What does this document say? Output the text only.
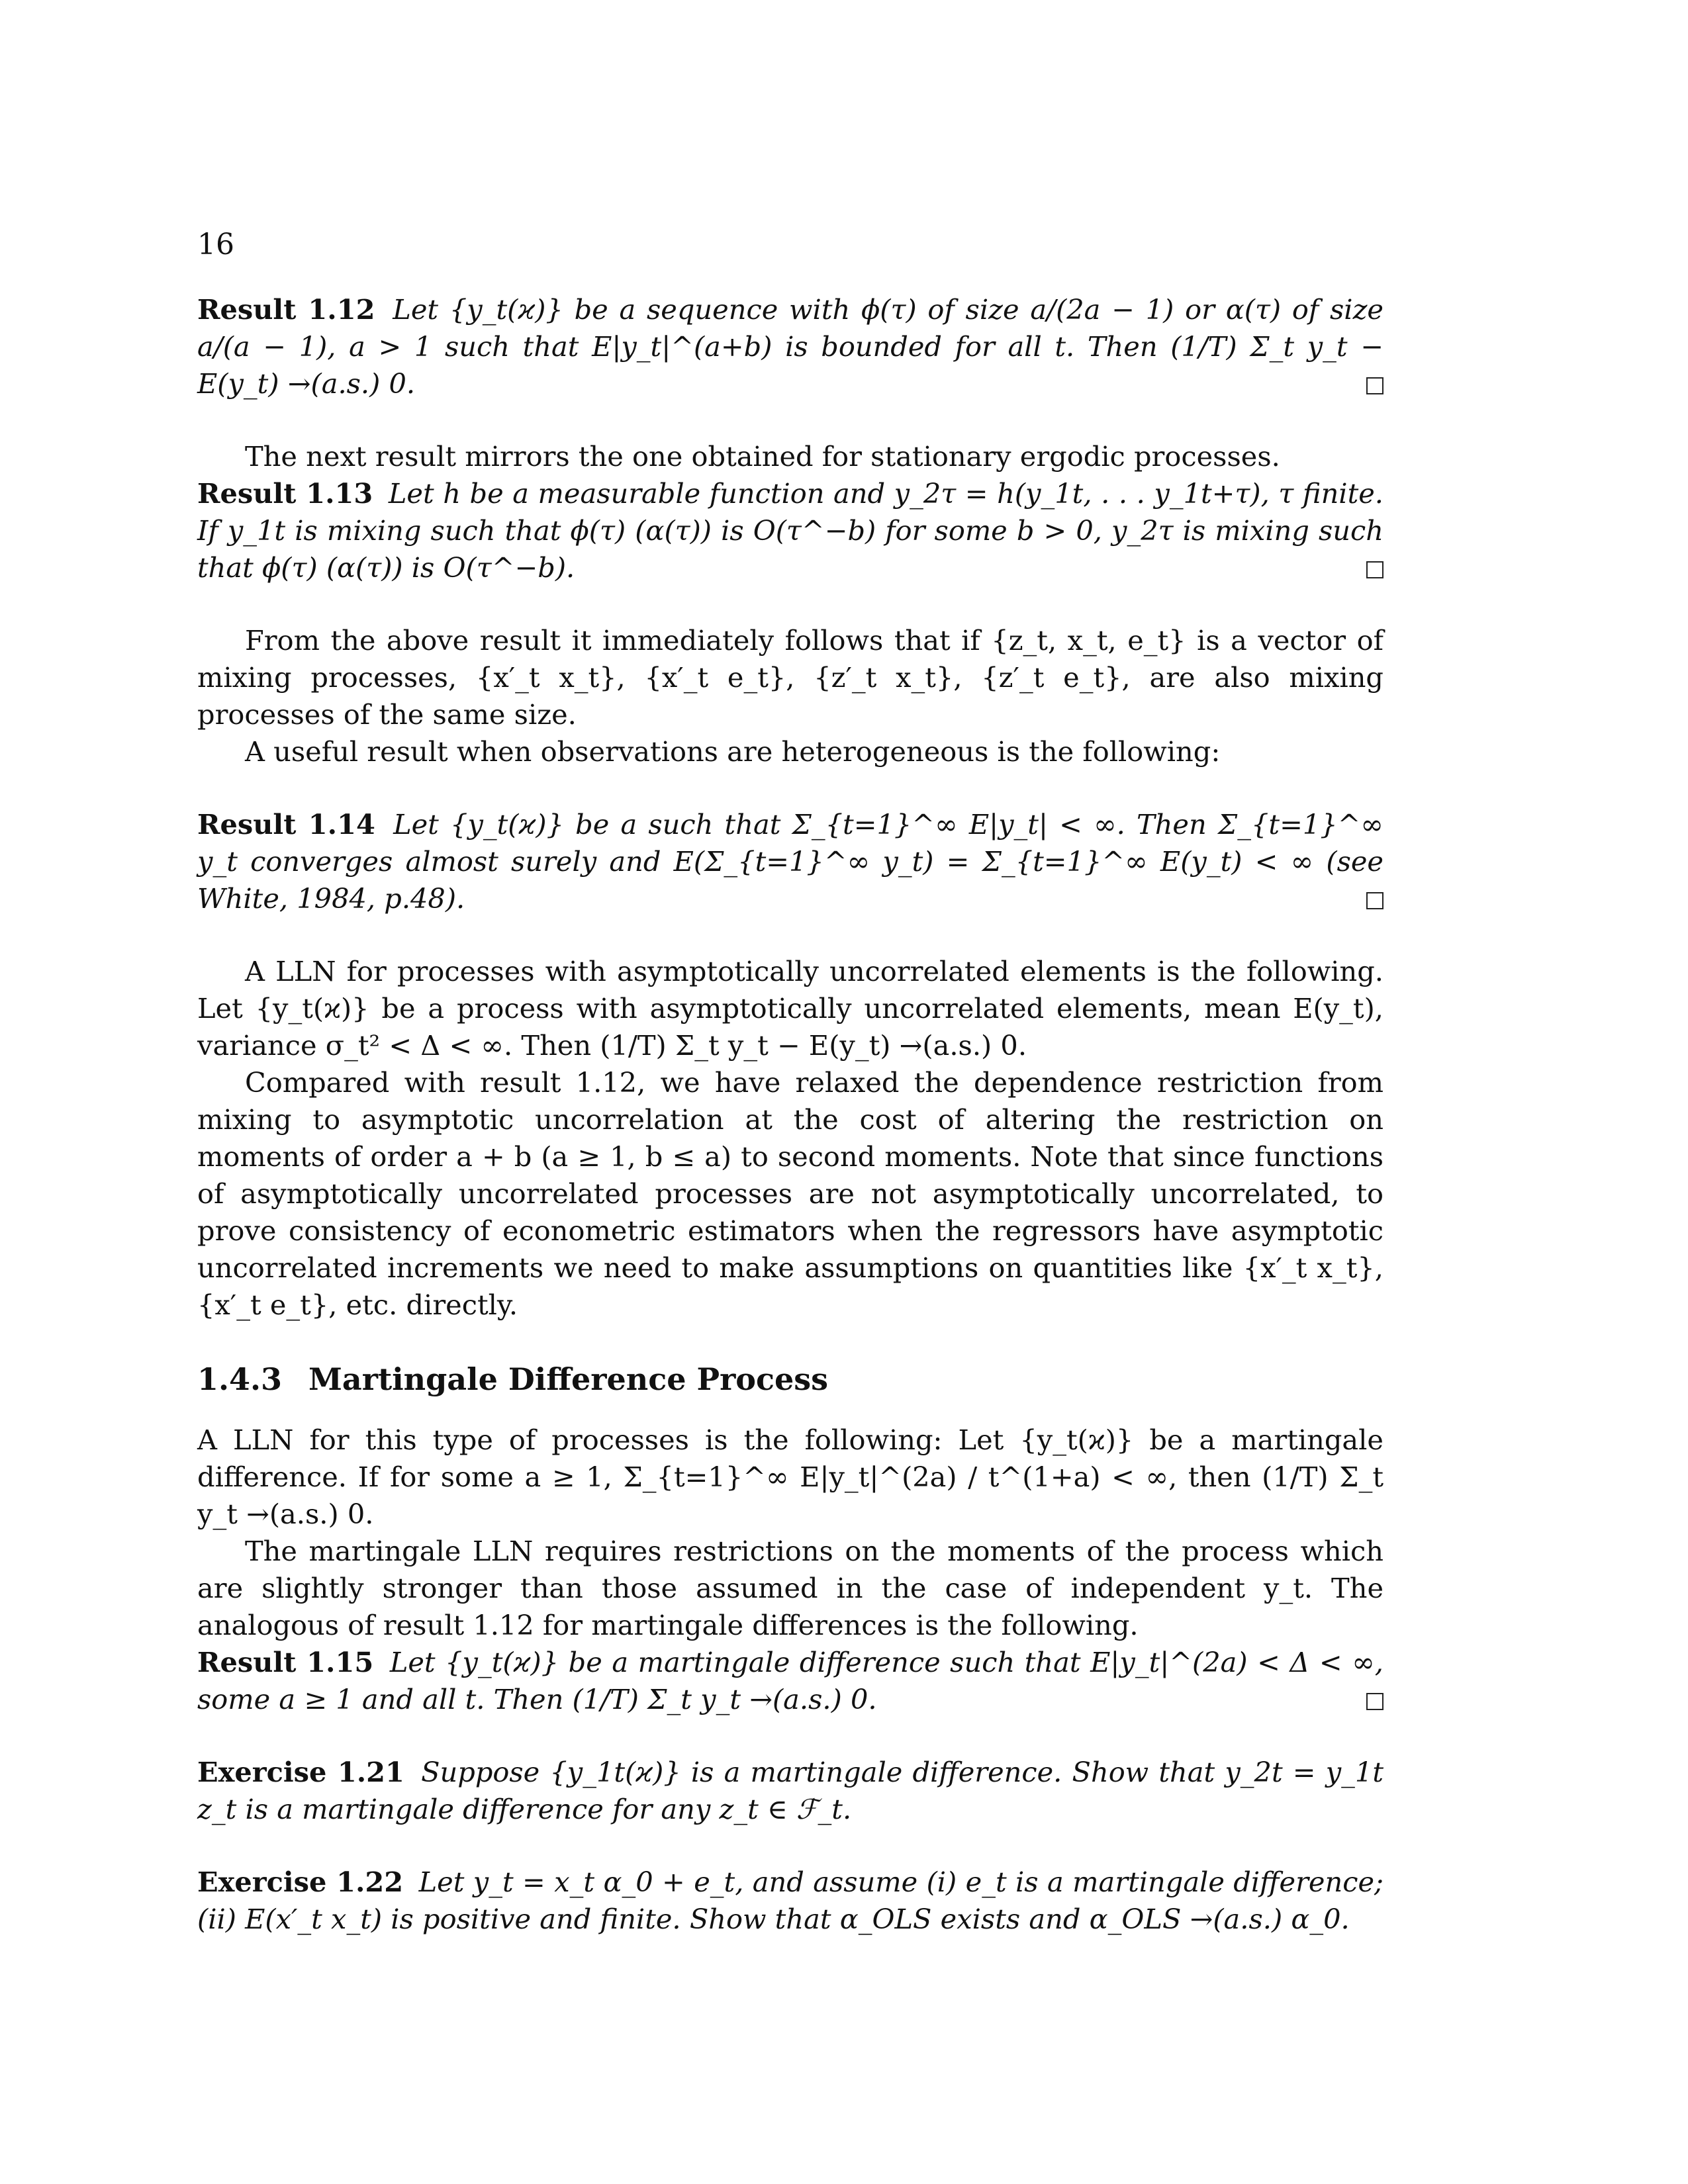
16

Result 1.12 Let {y_t(ϰ)} be a sequence with ϕ(τ) of size a/(2a − 1) or α(τ) of size a/(a − 1), a > 1 such that E|y_t|^(a+b) is bounded for all t. Then (1/T) Σ_t y_t − E(y_t) →(a.s.) 0.

The next result mirrors the one obtained for stationary ergodic processes.

Result 1.13 Let h be a measurable function and y_2τ = h(y_1t, . . . y_1t+τ), τ finite. If y_1t is mixing such that ϕ(τ) (α(τ)) is O(τ^−b) for some b > 0, y_2τ is mixing such that ϕ(τ) (α(τ)) is O(τ^−b).

From the above result it immediately follows that if {z_t, x_t, e_t} is a vector of mixing processes, {x′_t x_t}, {x′_t e_t}, {z′_t x_t}, {z′_t e_t}, are also mixing processes of the same size.

A useful result when observations are heterogeneous is the following:

Result 1.14 Let {y_t(ϰ)} be a such that Σ_{t=1}^∞ E|y_t| < ∞. Then Σ_{t=1}^∞ y_t converges almost surely and E(Σ_{t=1}^∞ y_t) = Σ_{t=1}^∞ E(y_t) < ∞ (see White, 1984, p.48).

A LLN for processes with asymptotically uncorrelated elements is the following. Let {y_t(ϰ)} be a process with asymptotically uncorrelated elements, mean E(y_t), variance σ_t² < Δ < ∞. Then (1/T) Σ_t y_t − E(y_t) →(a.s.) 0.

Compared with result 1.12, we have relaxed the dependence restriction from mixing to asymptotic uncorrelation at the cost of altering the restriction on moments of order a + b (a ≥ 1, b ≤ a) to second moments. Note that since functions of asymptotically uncorrelated processes are not asymptotically uncorrelated, to prove consistency of econometric estimators when the regressors have asymptotic uncorrelated increments we need to make assumptions on quantities like {x′_t x_t}, {x′_t e_t}, etc. directly.

1.4.3 Martingale Difference Process

A LLN for this type of processes is the following: Let {y_t(ϰ)} be a martingale difference. If for some a ≥ 1, Σ_{t=1}^∞ E|y_t|^(2a) / t^(1+a) < ∞, then (1/T) Σ_t y_t →(a.s.) 0.

The martingale LLN requires restrictions on the moments of the process which are slightly stronger than those assumed in the case of independent y_t. The analogous of result 1.12 for martingale differences is the following.

Result 1.15 Let {y_t(ϰ)} be a martingale difference such that E|y_t|^(2a) < Δ < ∞, some a ≥ 1 and all t. Then (1/T) Σ_t y_t →(a.s.) 0.

Exercise 1.21 Suppose {y_1t(ϰ)} is a martingale difference. Show that y_2t = y_1t z_t is a martingale difference for any z_t ∈ ℱ_t.

Exercise 1.22 Let y_t = x_t α_0 + e_t, and assume (i) e_t is a martingale difference; (ii) E(x′_t x_t) is positive and finite. Show that α_OLS exists and α_OLS →(a.s.) α_0.
